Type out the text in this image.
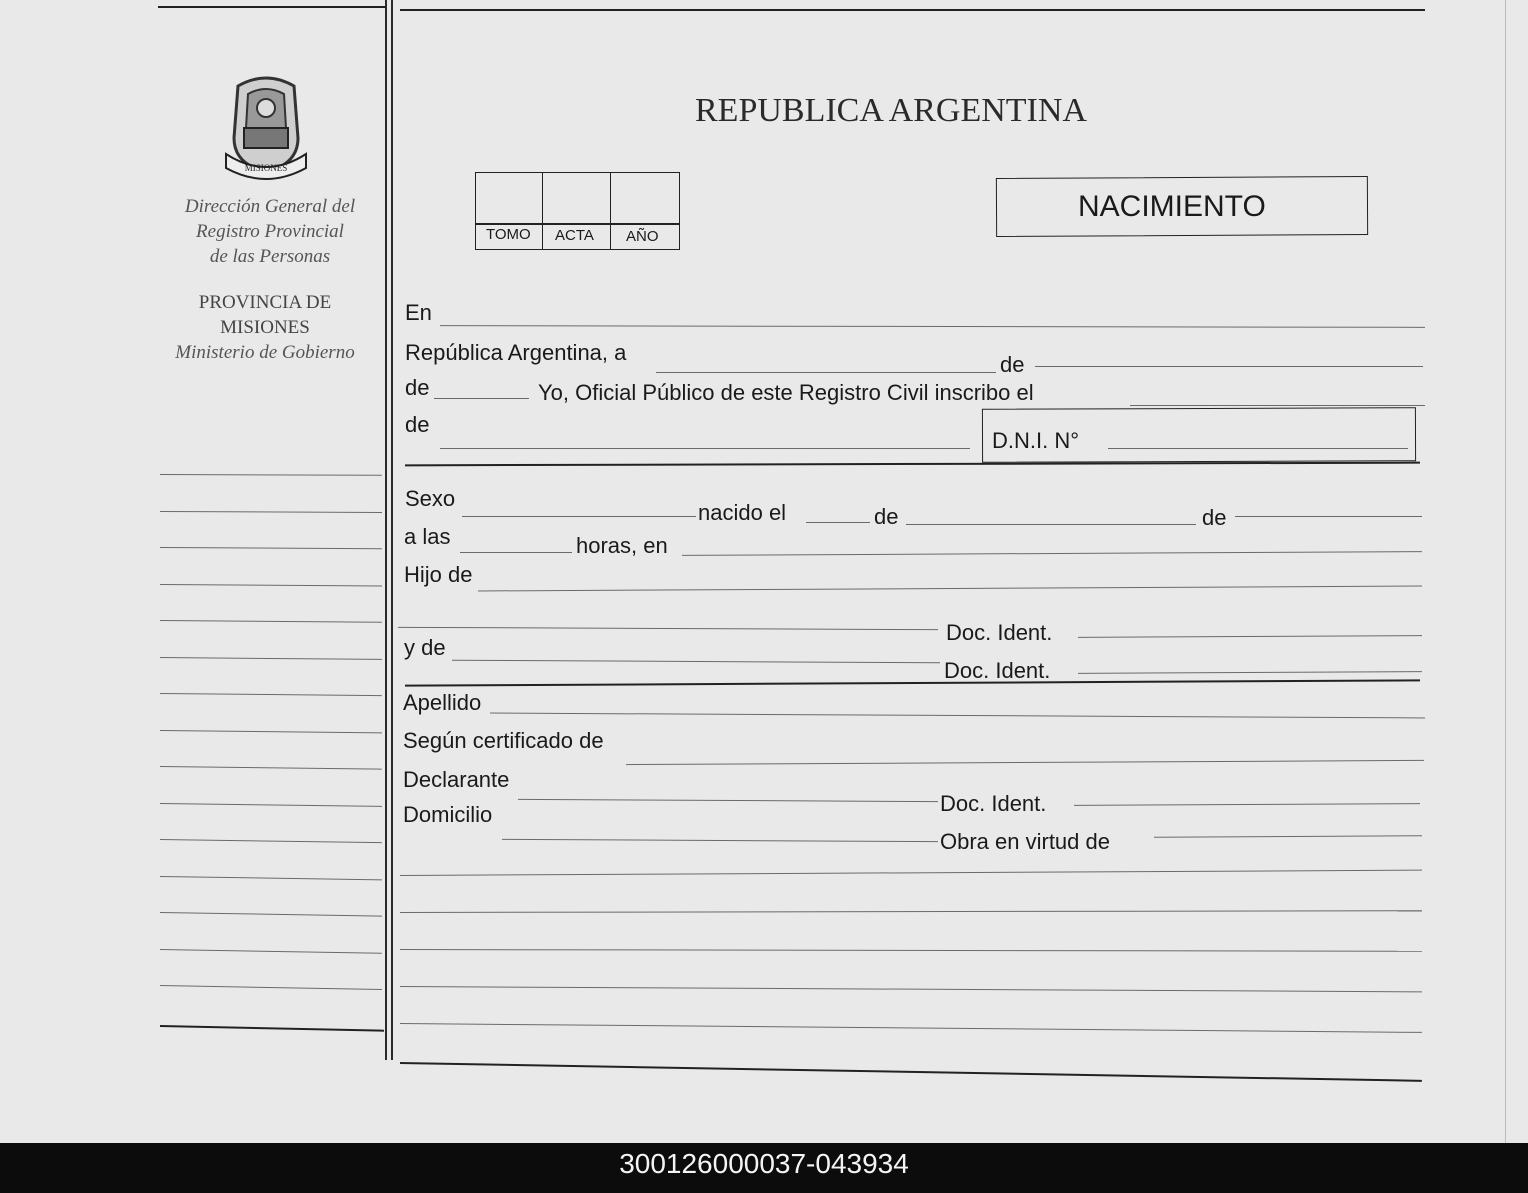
MISIONES
Dirección General del
Registro Provincial
de las Personas
PROVINCIA DE
MISIONES
Ministerio de Gobierno
REPUBLICA ARGENTINA
TOMO ACTA AÑO
NACIMIENTO
En
República Argentina, a	de
de	Yo, Oficial Público de este Registro Civil inscribo el
de
D.N.I. N°
Sexo
nacido el	de	de
a las	horas, en
Hijo de
Doc. Ident.
y de
Doc. Ident.
Apellido
Según certificado de
Declarante
Doc. Ident.
Domicilio
Obra en virtud de
300126000037-043934
